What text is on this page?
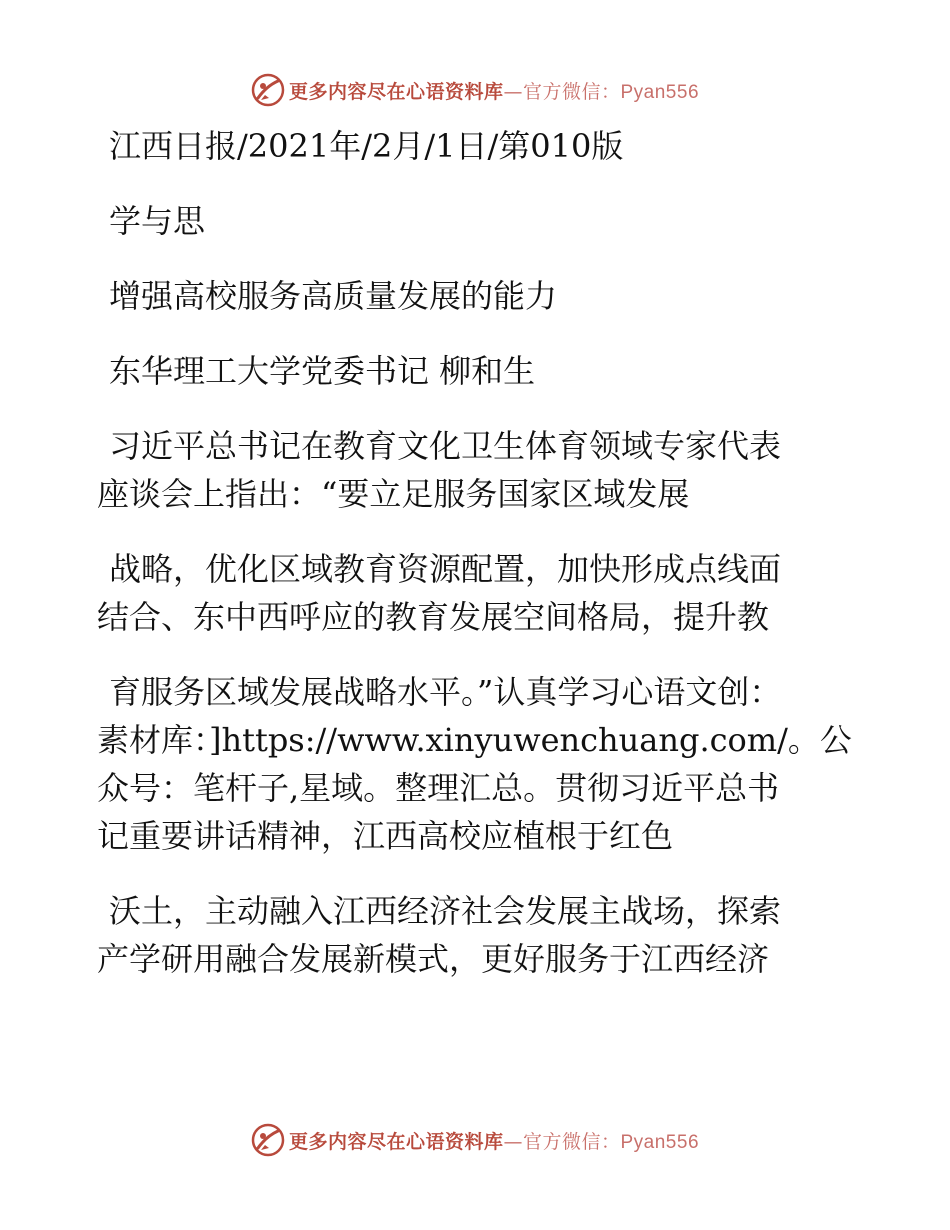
更多内容尽在心语资料库—官方微信：Pyan556

江西日报/2021年/2月/1日/第010版

学与思

增强高校服务高质量发展的能力

东华理工大学党委书记 柳和生

习近平总书记在教育文化卫生体育领域专家代表

座谈会上指出：“要立足服务国家区域发展

战略，优化区域教育资源配置，加快形成点线面

结合、东中西呼应的教育发展空间格局，提升教

育服务区域发展战略水平。”认真学习心语文创：

素材库：]https://www.xinyuwenchuang.com/。公

众号：笔杆子,星域。整理汇总。贯彻习近平总书

记重要讲话精神，江西高校应植根于红色

沃土，主动融入江西经济社会发展主战场，探索

产学研用融合发展新模式，更好服务于江西经济

更多内容尽在心语资料库—官方微信：Pyan556
